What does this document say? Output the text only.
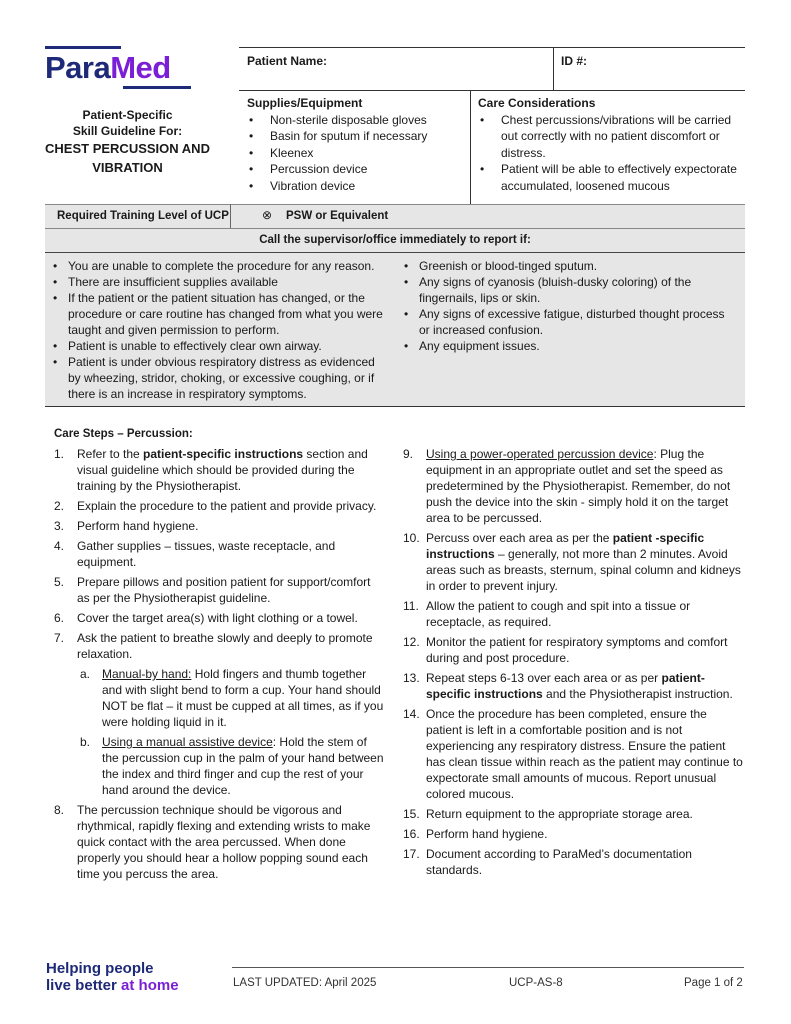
ParaMed
Patient-Specific
Skill Guideline For:
CHEST PERCUSSION AND
VIBRATION
Patient Name:	ID #:
Supplies/Equipment
• Non-sterile disposable gloves
• Basin for sputum if necessary
• Kleenex
• Percussion device
• Vibration device
Care Considerations
• Chest percussions/vibrations will be carried out correctly with no patient discomfort or distress.
• Patient will be able to effectively expectorate accumulated, loosened mucous
Required Training Level of UCP	⊗ PSW or Equivalent
Call the supervisor/office immediately to report if:
• You are unable to complete the procedure for any reason.
• There are insufficient supplies available
• If the patient or the patient situation has changed, or the procedure or care routine has changed from what you were taught and given permission to perform.
• Patient is unable to effectively clear own airway.
• Patient is under obvious respiratory distress as evidenced by wheezing, stridor, choking, or excessive coughing, or if there is an increase in respiratory symptoms.
• Greenish or blood-tinged sputum.
• Any signs of cyanosis (bluish-dusky coloring) of the fingernails, lips or skin.
• Any signs of excessive fatigue, disturbed thought process or increased confusion.
• Any equipment issues.
Care Steps – Percussion:
1. Refer to the patient-specific instructions section and visual guideline which should be provided during the training by the Physiotherapist.
2. Explain the procedure to the patient and provide privacy.
3. Perform hand hygiene.
4. Gather supplies – tissues, waste receptacle, and equipment.
5. Prepare pillows and position patient for support/comfort as per the Physiotherapist guideline.
6. Cover the target area(s) with light clothing or a towel.
7. Ask the patient to breathe slowly and deeply to promote relaxation.
a. Manual-by hand: Hold fingers and thumb together and with slight bend to form a cup. Your hand should NOT be flat – it must be cupped at all times, as if you were holding liquid in it.
b. Using a manual assistive device: Hold the stem of the percussion cup in the palm of your hand between the index and third finger and cup the rest of your hand around the device.
8. The percussion technique should be vigorous and rhythmical, rapidly flexing and extending wrists to make quick contact with the area percussed. When done properly you should hear a hollow popping sound each time you percuss the area.
9. Using a power-operated percussion device: Plug the equipment in an appropriate outlet and set the speed as predetermined by the Physiotherapist. Remember, do not push the device into the skin - simply hold it on the target area to be percussed.
10. Percuss over each area as per the patient -specific instructions – generally, not more than 2 minutes. Avoid areas such as breasts, sternum, spinal column and kidneys in order to prevent injury.
11. Allow the patient to cough and spit into a tissue or receptacle, as required.
12. Monitor the patient for respiratory symptoms and comfort during and post procedure.
13. Repeat steps 6-13 over each area or as per patient-specific instructions and the Physiotherapist instruction.
14. Once the procedure has been completed, ensure the patient is left in a comfortable position and is not experiencing any respiratory distress. Ensure the patient has clean tissue within reach as the patient may continue to expectorate small amounts of mucous. Report unusual colored mucous.
15. Return equipment to the appropriate storage area.
16. Perform hand hygiene.
17. Document according to ParaMed’s documentation standards.
Helping people
live better at home	LAST UPDATED: April 2025	UCP-AS-8	Page 1 of 2
